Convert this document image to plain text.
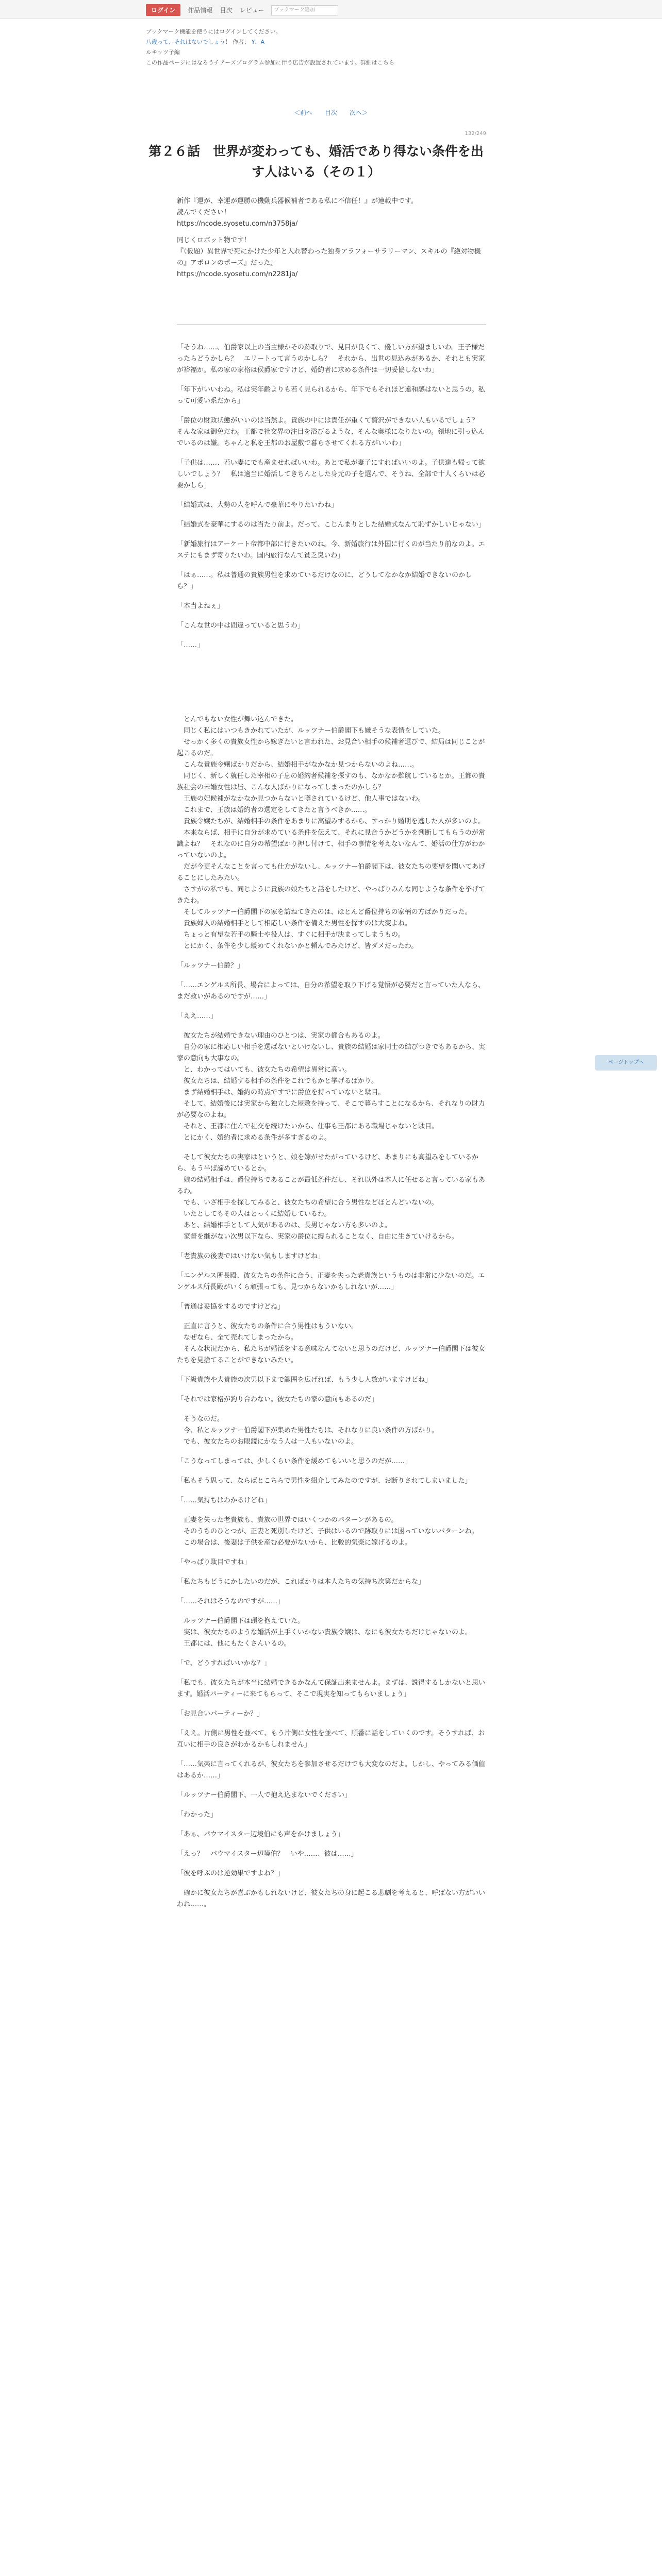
ログイン	作品情報 目次 レビュー	ブックマーク追加
ブックマーク機能を使うにはログインしてください。
八歳って、それはないでしょう！ 作者： Y．A
ルキッツ子編
この作品ページにはなろうチアーズプログラム参加に伴う広告が設置されています。詳細はこちら
＜前へ 目次 次へ＞
132/249
第２６話　世界が変わっても、婚活であり得ない条件を出す人はいる（その１）

新作『運が、幸運が運勝の機動兵器候補者である私に不信任！』が連載中です。
読んでください！
https://ncode.syosetu.com/n3758ja/

同じくロボット物です！
『（仮題）異世界で死にかけた少年と入れ替わった独身アラフォーサラリーマン、スキルの『絶対物機の』アポロンのポーズ』だった』
https://ncode.syosetu.com/n2281ja/

「そうね……、伯爵家以上の当主様かその跡取りで、見目が良くて、優しい方が望ましいわ。王子様だったらどうかしら？　エリートって言うのかしら？　それから、出世の見込みがあるか、それとも実家が裕福か。私の家の家格は侯爵家ですけど、婚約者に求める条件は一切妥協しないわ」

「年下がいいわね。私は実年齢よりも若く見られるから、年下でもそれほど違和感はないと思うの。私って可愛い系だから」

「爵位の財政状態がいいのは当然よ。貴族の中には責任が重くて贅沢ができない人もいるでしょう？　そんな家は御免だわ。王都で社交界の注目を浴びるような、そんな奥様になりたいの。領地に引っ込んでいるのは嫌。ちゃんと私を王都のお屋敷で暮らさせてくれる方がいいわ」

「子供は……、若い妻にでも産ませればいいわ。あとで私が妻子にすればいいのよ。子供達も帰って欲しいでしょう？　私は適当に婚活してきちんとした身元の子を選んで、そうね、全部で十人くらいは必要かしら」

「結婚式は、大勢の人を呼んで豪華にやりたいわね」

「結婚式を豪華にするのは当たり前よ。だって、こじんまりとした結婚式なんて恥ずかしいじゃない」

「新婚旅行はアーケート帝都中部に行きたいのね。今、新婚旅行は外国に行くのが当たり前なのよ。エステにもまず寄りたいわ。国内旅行なんて貧乏臭いわ」

「はぁ……。私は普通の貴族男性を求めているだけなのに、どうしてなかなか結婚できないのかしら？」

「本当よねぇ」

「こんな世の中は間違っていると思うわ」

「……」

　とんでもない女性が舞い込んできた。
　同じく私にはいつもきかれていたが、ルッツナー伯爵閣下も嫌そうな表情をしていた。
　せっかく多くの貴族女性から嫁ぎたいと言われた、お見合い相手の候補者選びで、結局は同じことが起こるのだ。
　こんな貴族令嬢ばかりだから、結婚相手がなかなか見つからないのよね……。
　同じく、新しく就任した宰相の子息の婚約者候補を探すのも、なかなか難航しているとか。王都の貴族社会の未婚女性は皆、こんな人ばかりになってしまったのかしら？
　王族の妃候補がなかなか見つからないと噂されているけど、他人事ではないわ。
　これまで、王族は婚約者の選定をしてきたと言うべきか……。
　貴族令嬢たちが、結婚相手の条件をあまりに高望みするから、すっかり婚期を逃した人が多いのよ。
　本来ならば、相手に自分が求めている条件を伝えて、それに見合うかどうかを判断してもらうのが常識よね？　それなのに自分の希望ばかり押し付けて、相手の事情を考えないなんて、婚活の仕方がわかっていないのよ。
　だが今更そんなことを言っても仕方がないし、ルッツナー伯爵閣下は、彼女たちの要望を聞いてあげることにしたみたい。
　さすがの私でも、同じように貴族の娘たちと話をしたけど、やっぱりみんな同じような条件を挙げてきたわ。
　そしてルッツナー伯爵閣下の家を訪ねてきたのは、ほとんど爵位持ちの家柄の方ばかりだった。
　貴族婦人の結婚相手として相応しい条件を備えた男性を探すのは大変よね。
　ちょっと有望な若手の騎士や役人は、すぐに相手が決まってしまうもの。
　とにかく、条件を少し緩めてくれないかと頼んでみたけど、皆ダメだったわ。

「ルッツナー伯爵？」

「……エンゲルス所長、場合によっては、自分の希望を取り下げる覚悟が必要だと言っていた人なら、まだ救いがあるのですが……」

「ええ……」

　彼女たちが結婚できない理由のひとつは、実家の都合もあるのよ。
　自分の家に相応しい相手を選ばないといけないし、貴族の結婚は家同士の結びつきでもあるから、実家の意向も大事なの。
　と、わかってはいても、彼女たちの希望は異常に高い。
　彼女たちは、結婚する相手の条件をこれでもかと挙げるばかり。
　まず結婚相手は、婚約の時点ですでに爵位を持っていないと駄目。
　そして、結婚後には実家から独立した屋敷を持って、そこで暮らすことになるから、それなりの財力が必要なのよね。
　それと、王都に住んで社交を続けたいから、仕事も王都にある職場じゃないと駄目。
　とにかく、婚約者に求める条件が多すぎるのよ。

　そして彼女たちの実家はというと、娘を嫁がせたがっているけど、あまりにも高望みをしているから、もう半ば諦めているとか。
　娘の結婚相手は、爵位持ちであることが最低条件だし、それ以外は本人に任せると言っている家もあるわ。
　でも、いざ相手を探してみると、彼女たちの希望に合う男性などほとんどいないの。
　いたとしてもその人はとっくに結婚しているわ。
　あと、結婚相手として人気があるのは、長男じゃない方も多いのよ。
　家督を継がない次男以下なら、実家の爵位に縛られることなく、自由に生きていけるから。

「老貴族の後妻ではいけない気もしますけどね」

「エンゲルス所長殿、彼女たちの条件に合う、正妻を失った老貴族というものは非常に少ないのだ。エンゲルス所長殿がいくら頑張っても、見つからないかもしれないが……」

「普通は妥協をするのですけどね」

　正直に言うと、彼女たちの条件に合う男性はもういない。
　なぜなら、全て売れてしまったから。
　そんな状況だから、私たちが婚活をする意味なんてないと思うのだけど、ルッツナー伯爵閣下は彼女たちを見捨てることができないみたい。

「下級貴族や大貴族の次男以下まで範囲を広げれば、もう少し人数がいますけどね」

「それでは家格が釣り合わない。彼女たちの家の意向もあるのだ」

　そうなのだ。
　今、私とルッツナー伯爵閣下が集めた男性たちは、それなりに良い条件の方ばかり。
　でも、彼女たちのお眼鏡にかなう人は一人もいないのよ。

「こうなってしまっては、少しくらい条件を緩めてもいいと思うのだが……」

「私もそう思って、ならばとこちらで男性を紹介してみたのですが、お断りされてしまいました」

「……気持ちはわかるけどね」

　正妻を失った老貴族も、貴族の世界ではいくつかのパターンがあるの。
　そのうちのひとつが、正妻と死別したけど、子供はいるので跡取りには困っていないパターンね。
　この場合は、後妻は子供を産む必要がないから、比較的気楽に嫁げるのよ。

「やっぱり駄目ですね」

「私たちもどうにかしたいのだが、こればかりは本人たちの気持ち次第だからな」

「……それはそうなのですが……」

　ルッツナー伯爵閣下は頭を抱えていた。
　実は、彼女たちのような婚活が上手くいかない貴族令嬢は、なにも彼女たちだけじゃないのよ。
　王都には、他にもたくさんいるの。

「で、どうすればいいかな？」

「私でも、彼女たちが本当に結婚できるかなんて保証出来ませんよ。まずは、説得するしかないと思います。婚活パーティーに来てもらって、そこで現実を知ってもらいましょう」

「お見合いパーティーか？」

「ええ。片側に男性を並べて、もう片側に女性を並べて、順番に話をしていくのです。そうすれば、お互いに相手の良さがわかるかもしれません」

「……気楽に言ってくれるが、彼女たちを参加させるだけでも大変なのだよ。しかし、やってみる価値はあるか……」

「ルッツナー伯爵閣下、一人で抱え込まないでください」

「わかった」

「あぁ、パウマイスター辺境伯にも声をかけましょう」

「えっ？　パウマイスター辺境伯？　いや……、彼は……」

「彼を呼ぶのは逆効果ですよね？」

　確かに彼女たちが喜ぶかもしれないけど、彼女たちの身に起こる悲劇を考えると、呼ばない方がいいわね……。

ページトップへ
